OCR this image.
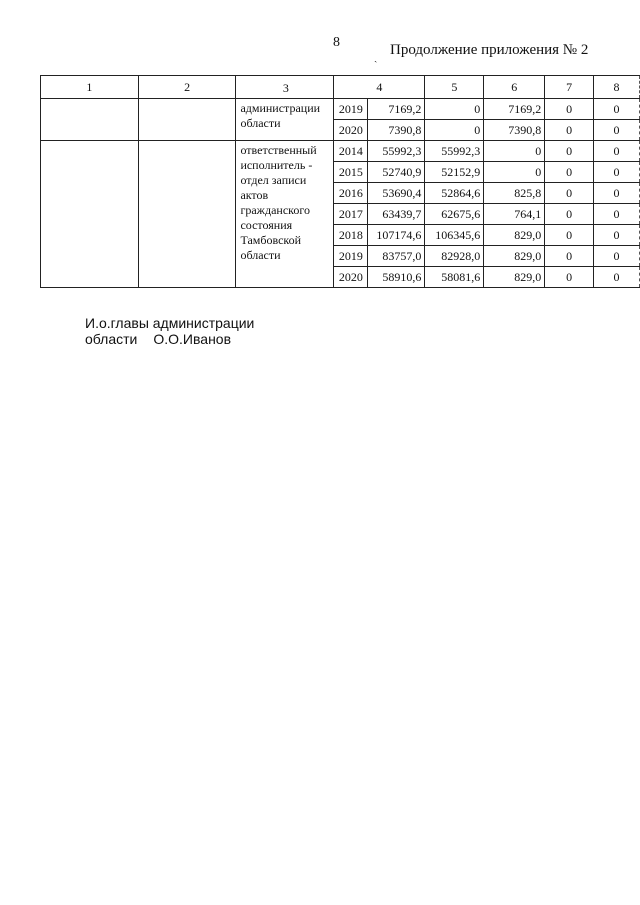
8
ˎ Продолжение приложения № 2
1	2	3	4		5	6	7	8
		администрации области	2019	7169,2	0	7169,2	0	0
			2020	7390,8	0	7390,8	0	0
		ответственный исполнитель - отдел записи актов гражданского состояния Тамбовской области	2014	55992,3	55992,3	0	0	0
			2015	52740,9	52152,9	0	0	0
			2016	53690,4	52864,6	825,8	0	0
			2017	63439,7	62675,6	764,1	0	0
			2018	107174,6	106345,6	829,0	0	0
			2019	83757,0	82928,0	829,0	0	0
			2020	58910,6	58081,6	829,0	0	0
И.о.главы администрации
области О.О.Иванов
